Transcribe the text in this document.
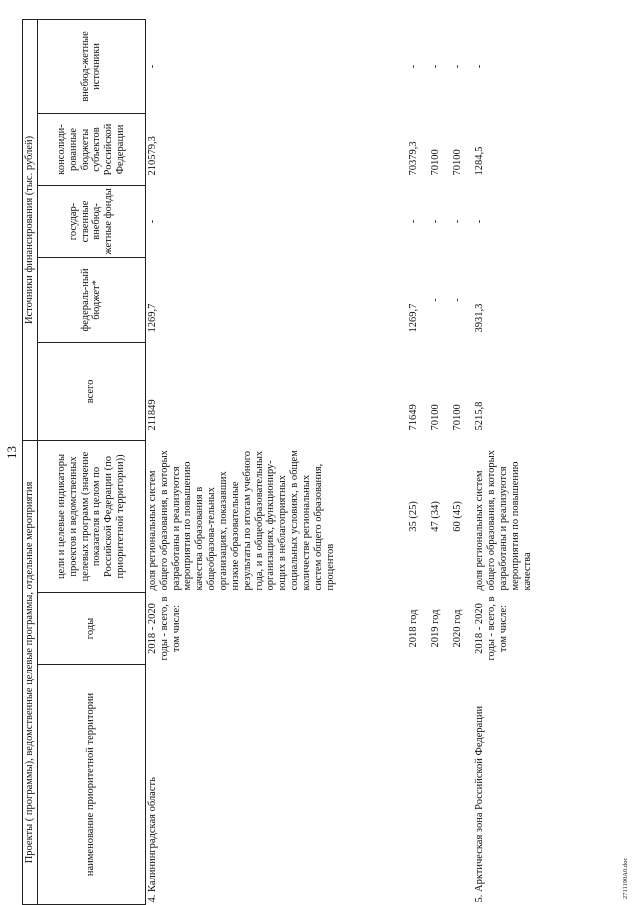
13
Проекты ( программы), ведомственные целевые программы, отдельные мероприятия			Источники финансирования (тыс. рублей)				
наименование приоритетной территории	годы	цели и целевые индикаторы проектов и ведомственных целевых программ (значение показателя в целом по Российской Федерации (по приоритетной территории))	всего	федераль-ный бюджет*	государ-ственные внебюд-жетные фонды	консолиди-рованные бюджеты субъектов Российской Федерации	внебюд-жетные источники
4. Калининградская область	2018 - 2020 годы - всего, в том числе:	доля региональных систем общего образования, в которых разработаны и реализуются мероприятия по повышению качества образования в общеобразова-тельных организациях, показавших низкие образовательные результаты по итогам учебного года, и в общеобразовательных организациях, функциониру-ющих в неблагоприятных социальных условиях, в общем количестве региональных систем общего образования, процентов	211849	1269,7	-	210579,3	-
	2018 год	35 (25)	71649	1269,7	-	70379,3	-
	2019 год	47 (34)	70100	-	-	70100	-
	2020 год	60 (45)	70100	-	-	70100	-
5. Арктическая зона Российской Федерации	2018 - 2020 годы - всего, в том числе:	доля региональных систем общего образования, в которых разработаны и реализуются мероприятия по повышению качества	5215,8	3931,3	-	1284,5	-
2711190A0.doc
